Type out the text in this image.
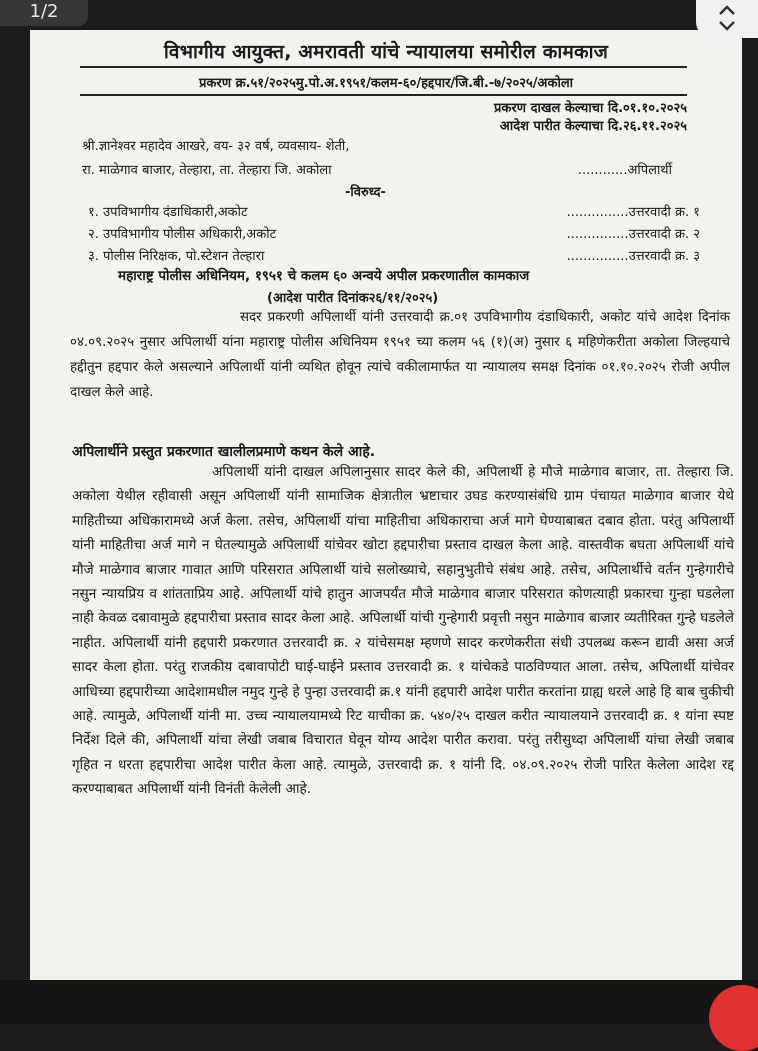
विभागीय आयुक्त, अमरावती यांचे न्यायालया समोरील कामकाज
प्रकरण क्र.५१/२०२५मु.पो.अ.१९५१/कलम-६०/हद्दपार/जि.बी.-७/२०२५/अकोला
प्रकरण दाखल केल्याचा दि.०१.१०.२०२५
आदेश पारीत केल्याचा दि.२६.११.२०२५
श्री.ज्ञानेश्वर महादेव आखरे, वय- ३२ वर्ष, व्यवसाय- शेती,
रा. माळेगाव बाजार, तेल्हारा, ता. तेल्हारा जि. अकोला	............अपिलार्थी
-विरुध्द-
१. उपविभागीय दंडाधिकारी,अकोट	...............उत्तरवादी क्र. १
२. उपविभागीय पोलीस अधिकारी,अकोट	...............उत्तरवादी क्र. २
३. पोलीस निरिक्षक, पो.स्टेशन तेल्हारा	...............उत्तरवादी क्र. ३
महाराष्ट्र पोलीस अधिनियम, १९५१ चे कलम ६० अन्वये अपील प्रकरणातील कामकाज
(आदेश पारीत दिनांक२६/११/२०२५)
सदर प्रकरणी अपिलार्थी यांनी उत्तरवादी क्र.०१ उपविभागीय दंडाधिकारी, अकोट यांचे आदेश दिनांक ०४.०९.२०२५ नुसार अपिलार्थी यांना महाराष्ट्र पोलीस अधिनियम १९५१ च्या कलम ५६ (१)(अ) नुसार ६ महिणेकरीता अकोला जिल्हयाचे हद्दीतुन हद्दपार केले असल्याने अपिलार्थी यांनी व्यथित होवून त्यांचे वकीलामार्फत या न्यायालय समक्ष दिनांक ०१.१०.२०२५ रोजी अपील दाखल केले आहे.
अपिलार्थीने प्रस्तुत प्रकरणात खालीलप्रमाणे कथन केले आहे.
अपिलार्थी यांनी दाखल अपिलानुसार सादर केले की, अपिलार्थी हे मौजे माळेगाव बाजार, ता. तेल्हारा जि. अकोला येथील रहीवासी असून अपिलार्थी यांनी सामाजिक क्षेत्रातील भ्रष्टाचार उघड करण्यासंबंधि ग्राम पंचायत माळेगाव बाजार येथे माहितीच्या अधिकारामध्ये अर्ज केला. तसेच, अपिलार्थी यांचा माहितीचा अधिकाराचा अर्ज मागे घेण्याबाबत दबाव होता. परंतु अपिलार्थी यांनी माहितीचा अर्ज मागे न घेतल्यामुळे अपिलार्थी यांचेवर खोटा हद्दपारीचा प्रस्ताव दाखल केला आहे. वास्तवीक बघता अपिलार्थी यांचे मौजे माळेगाव बाजार गावात आणि परिसरात अपिलार्थी यांचे सलोख्याचे, सहानुभुतीचे संबंध आहे. तसेच, अपिलार्थीचे वर्तन गुन्हेगारीचे नसुन न्यायप्रिय व शांतताप्रिय आहे. अपिलार्थी यांचे हातुन आजपर्यंत मौजे माळेगाव बाजार परिसरात कोणत्याही प्रकारचा गुन्हा घडलेला नाही केवळ दबावामुळे हद्दपारीचा प्रस्ताव सादर केला आहे. अपिलार्थी यांची गुन्हेगारी प्रवृत्ती नसुन माळेगाव बाजार व्यतीरिक्त गुन्हे घडलेले नाहीत. अपिलार्थी यांनी हद्दपारी प्रकरणात उत्तरवादी क्र. २ यांचेसमक्ष म्हणणे सादर करणेकरीता संधी उपलब्ध करून द्यावी असा अर्ज सादर केला होता. परंतु राजकीय दबावापोटी घाई-घाईने प्रस्ताव उत्तरवादी क्र. १ यांचेकडे पाठविण्यात आला. तसेच, अपिलार्थी यांचेवर आधिच्या हद्दपारीच्या आदेशामधील नमुद गुन्हे हे पुन्हा उत्तरवादी क्र.१ यांनी हद्दपारी आदेश पारीत करतांना ग्राह्य धरले आहे हि बाब चुकीची आहे. त्यामुळे, अपिलार्थी यांनी मा. उच्च न्यायालयामध्ये रिट याचीका क्र. ५४०/२५ दाखल करीत न्यायालयाने उत्तरवादी क्र. १ यांना स्पष्ट निर्देश दिले की, अपिलार्थी यांचा लेखी जबाब विचारात घेवून योग्य आदेश पारीत करावा. परंतु तरीसुध्दा अपिलार्थी यांचा लेखी जबाब गृहित न धरता हद्दपारीचा आदेश पारीत केला आहे. त्यामुळे, उत्तरवादी क्र. १ यांनी दि. ०४.०९.२०२५ रोजी पारित केलेला आदेश रद्द करण्याबाबत अपिलार्थी यांनी विनंती केलेली आहे.
1/2
